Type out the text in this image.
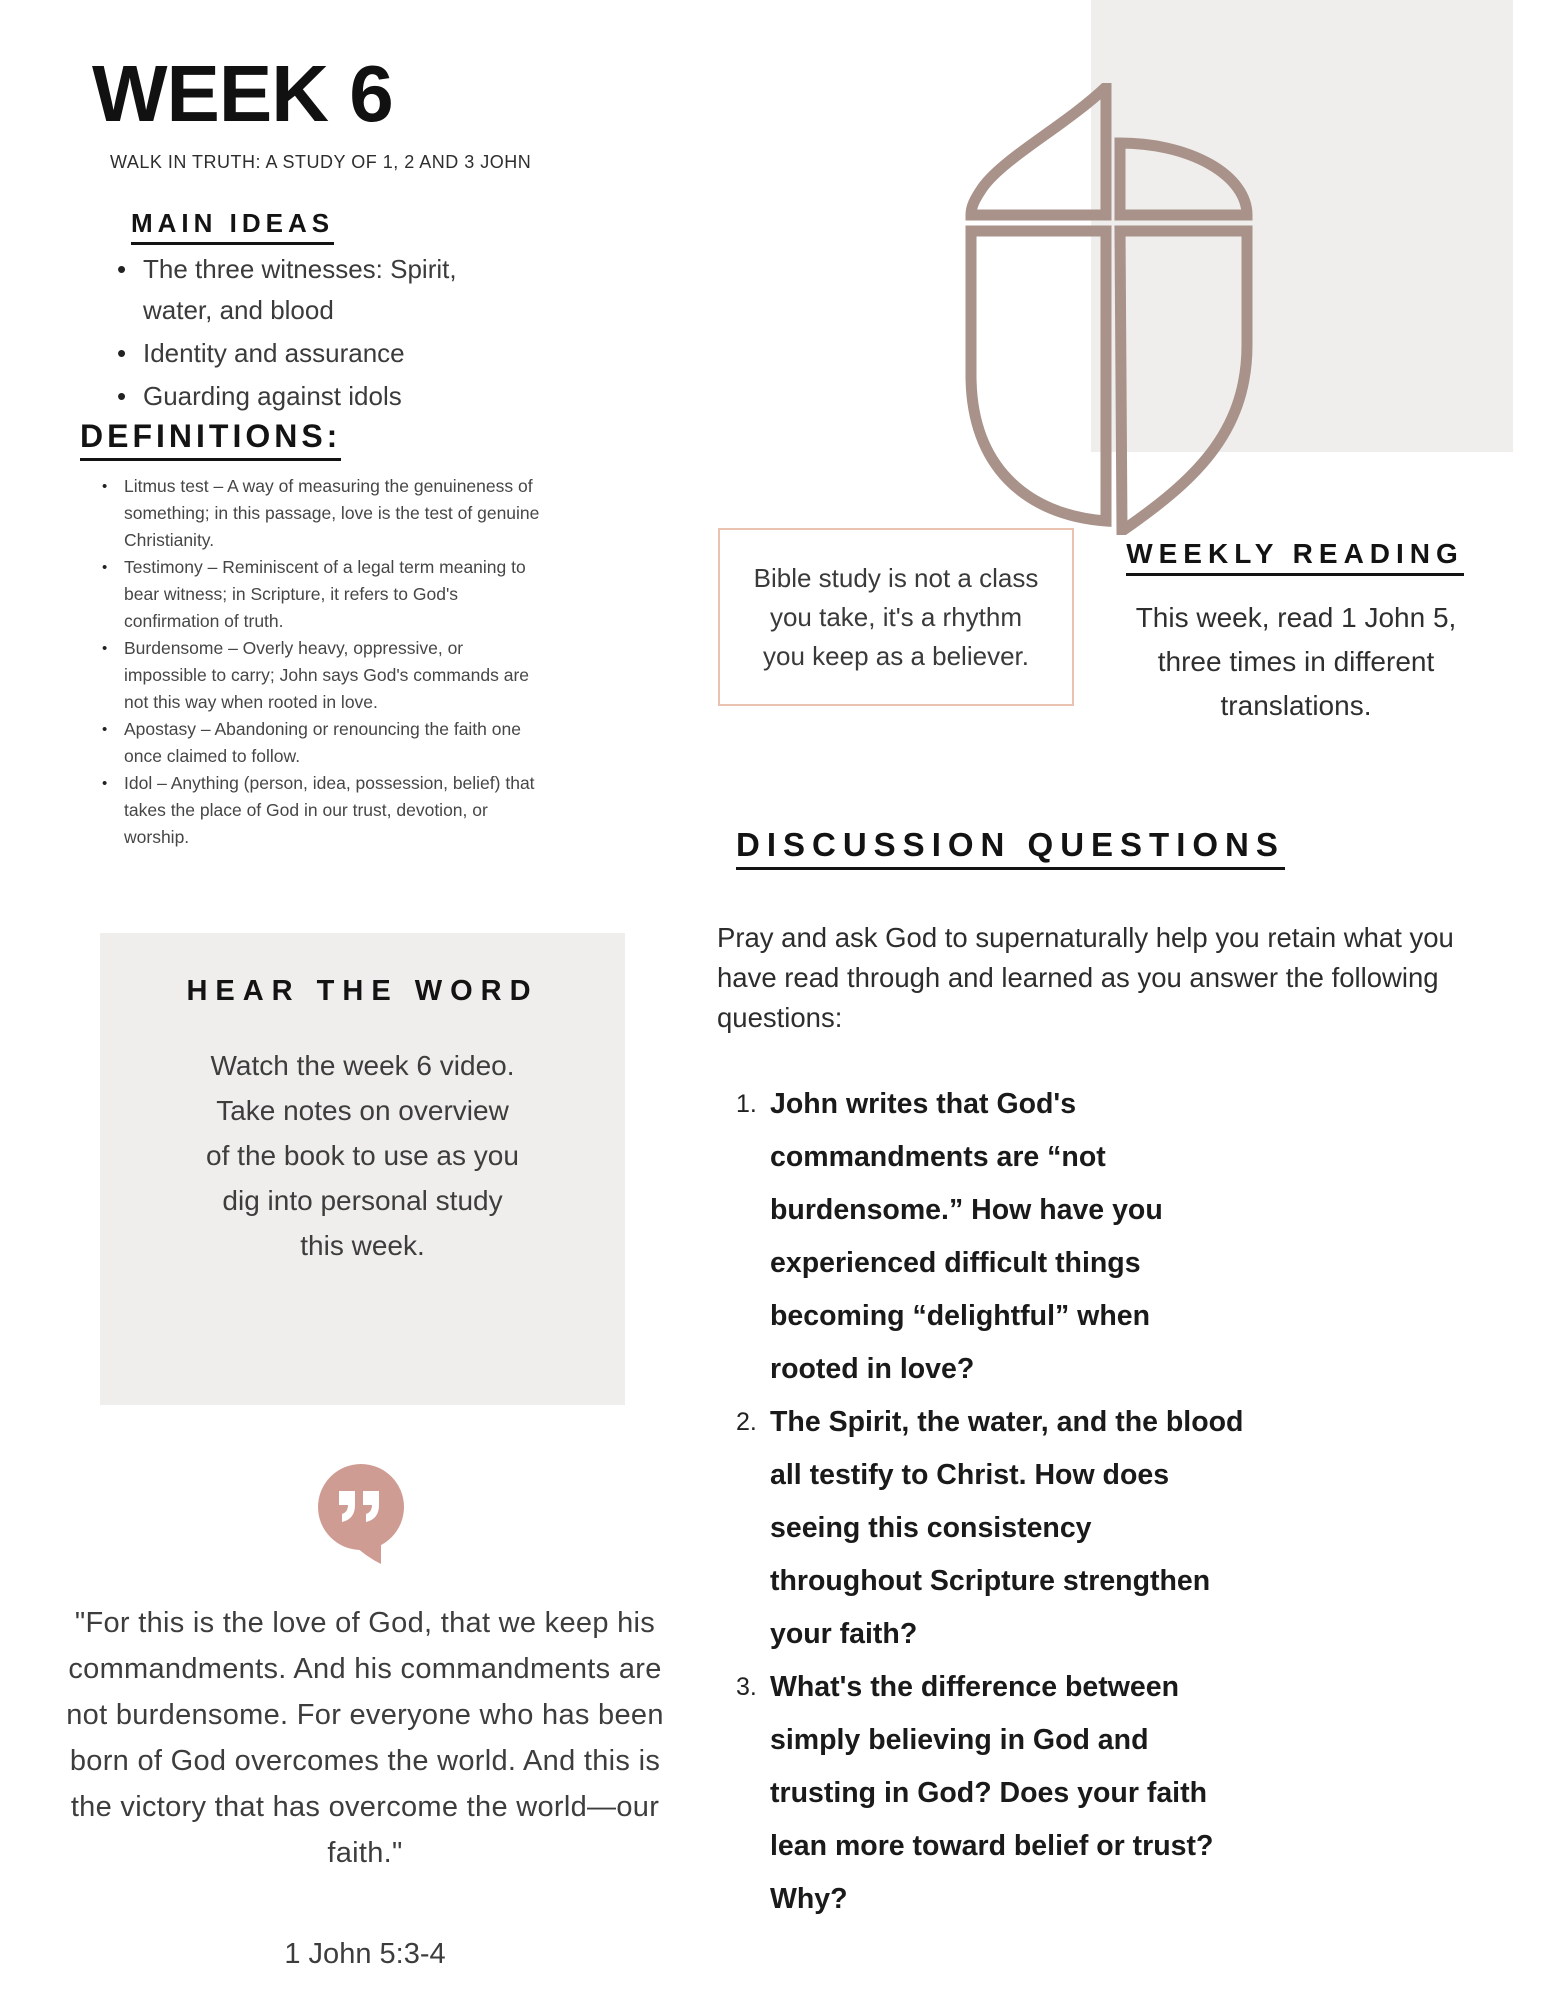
WEEK 6
WALK IN TRUTH: A STUDY OF 1, 2 AND 3 JOHN
MAIN IDEAS
• The three witnesses: Spirit, water, and blood
• Identity and assurance
• Guarding against idols
DEFINITIONS:
• Litmus test – A way of measuring the genuineness of something; in this passage, love is the test of genuine Christianity.
• Testimony – Reminiscent of a legal term meaning to bear witness; in Scripture, it refers to God's confirmation of truth.
• Burdensome – Overly heavy, oppressive, or impossible to carry; John says God's commands are not this way when rooted in love.
• Apostasy – Abandoning or renouncing the faith one once claimed to follow.
• Idol – Anything (person, idea, possession, belief) that takes the place of God in our trust, devotion, or worship.
HEAR THE WORD
Watch the week 6 video. Take notes on overview of the book to use as you dig into personal study this week.
"For this is the love of God, that we keep his commandments. And his commandments are not burdensome. For everyone who has been born of God overcomes the world. And this is the victory that has overcome the world—our faith."
1 John 5:3-4
Bible study is not a class you take, it's a rhythm you keep as a believer.
WEEKLY READING
This week, read 1 John 5, three times in different translations.
DISCUSSION QUESTIONS
Pray and ask God to supernaturally help you retain what you have read through and learned as you answer the following questions:
John writes that God's commandments are “not burdensome.” How have you experienced difficult things becoming “delightful” when rooted in love?
The Spirit, the water, and the blood all testify to Christ. How does seeing this consistency throughout Scripture strengthen your faith?
What's the difference between simply believing in God and trusting in God? Does your faith lean more toward belief or trust? Why?
